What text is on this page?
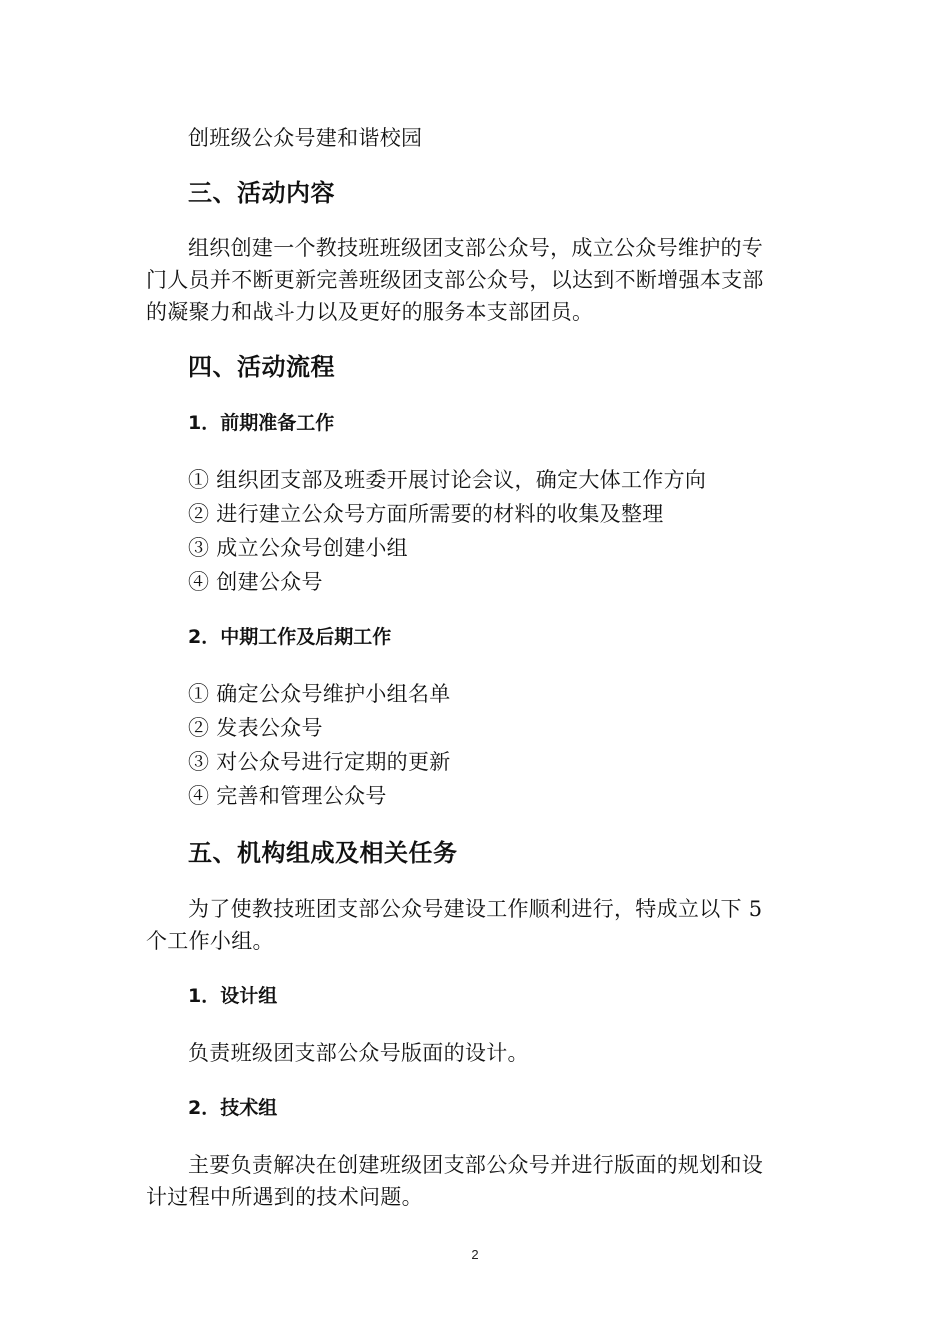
创班级公众号建和谐校园
三、活动内容
组织创建一个教技班班级团支部公众号，成立公众号维护的专
门人员并不断更新完善班级团支部公众号，以达到不断增强本支部
的凝聚力和战斗力以及更好的服务本支部团员。
四、活动流程
1．前期准备工作
① 组织团支部及班委开展讨论会议，确定大体工作方向
② 进行建立公众号方面所需要的材料的收集及整理
③ 成立公众号创建小组
④ 创建公众号
2．中期工作及后期工作
① 确定公众号维护小组名单
② 发表公众号
③ 对公众号进行定期的更新
④ 完善和管理公众号
五、机构组成及相关任务
为了使教技班团支部公众号建设工作顺利进行，特成立以下 5
个工作小组。
1．设计组
负责班级团支部公众号版面的设计。
2．技术组
主要负责解决在创建班级团支部公众号并进行版面的规划和设
计过程中所遇到的技术问题。
2
